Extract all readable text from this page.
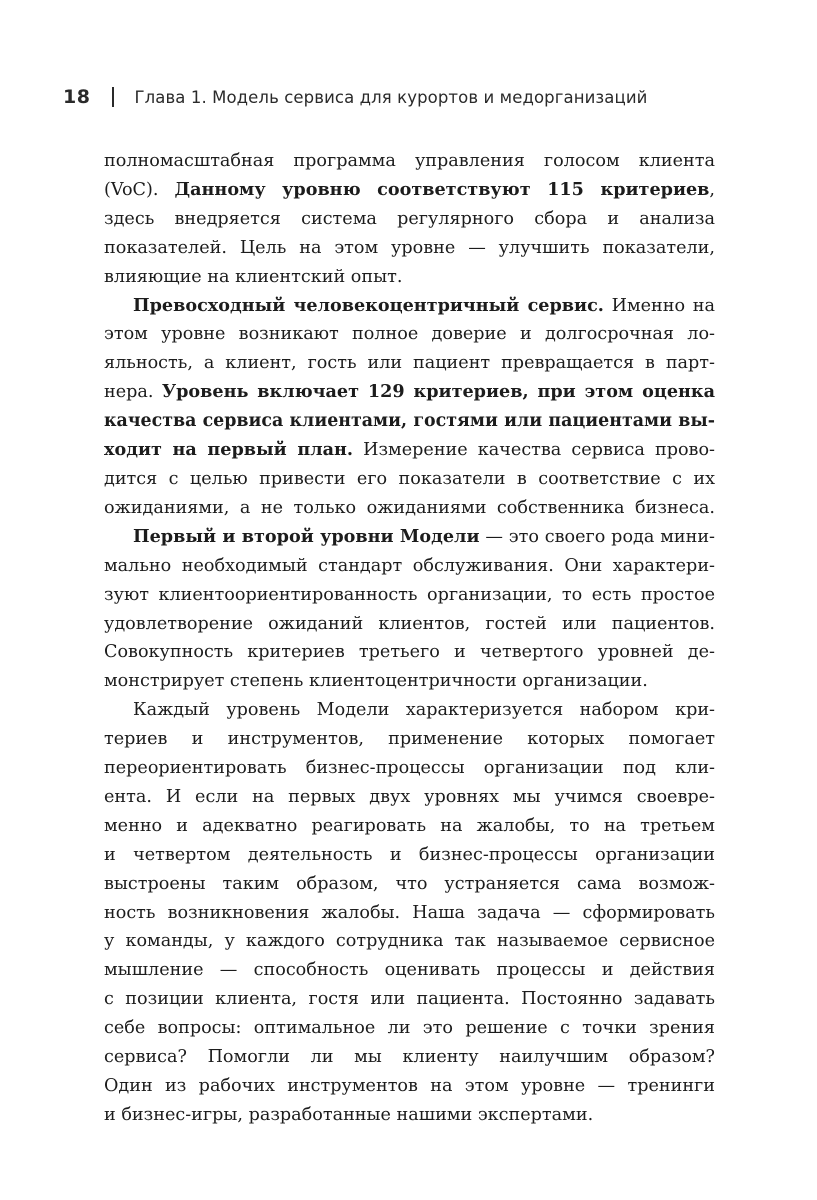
18	Глава 1. Модель сервиса для курортов и медорганизаций

полномасштабная программа управления голосом клиента
(VoC). Данному уровню соответствуют 115 критериев,
здесь внедряется система регулярного сбора и анализа
показателей. Цель на этом уровне — улучшить показатели,
влияющие на клиентский опыт.

Превосходный человекоцентричный сервис. Именно на
этом уровне возникают полное доверие и долгосрочная ло-
яльность, а клиент, гость или пациент превращается в парт-
нера. Уровень включает 129 критериев, при этом оценка
качества сервиса клиентами, гостями или пациентами вы-
ходит на первый план. Измерение качества сервиса прово-
дится с целью привести его показатели в соответствие с их
ожиданиями, а не только ожиданиями собственника бизнеса.

Первый и второй уровни Модели — это своего рода мини-
мально необходимый стандарт обслуживания. Они характери-
зуют клиентоориентированность организации, то есть простое
удовлетворение ожиданий клиентов, гостей или пациентов.
Совокупность критериев третьего и четвертого уровней де-
монстрирует степень клиентоцентричности организации.

Каждый уровень Модели характеризуется набором кри-
териев и инструментов, применение которых помогает
переориентировать бизнес-процессы организации под кли-
ента. И если на первых двух уровнях мы учимся своевре-
менно и адекватно реагировать на жалобы, то на третьем
и четвертом деятельность и бизнес-процессы организации
выстроены таким образом, что устраняется сама возмож-
ность возникновения жалобы. Наша задача — сформировать
у команды, у каждого сотрудника так называемое сервисное
мышление — способность оценивать процессы и действия
с позиции клиента, гостя или пациента. Постоянно задавать
себе вопросы: оптимальное ли это решение с точки зрения
сервиса? Помогли ли мы клиенту наилучшим образом?
Один из рабочих инструментов на этом уровне — тренинги
и бизнес-игры, разработанные нашими экспертами.
